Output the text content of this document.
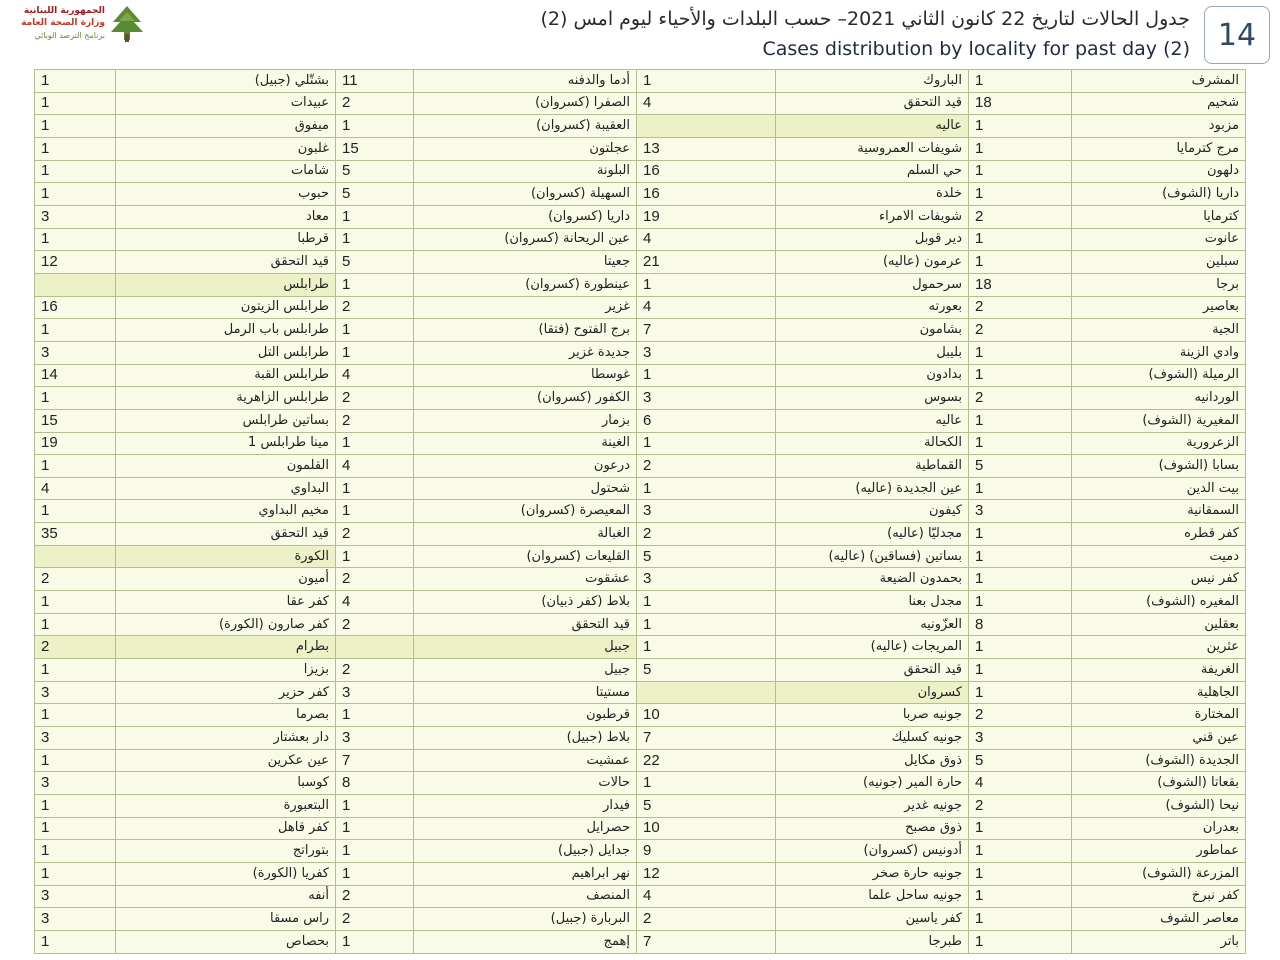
الجمهورية اللبنانية
وزارة الصحة العامة
برنامج الترصد الوبائي
جدول الحالات لتاريخ 22 كانون الثاني 2021– حسب البلدات والأحياء ليوم امس (2)
Cases distribution by locality for past day (2) 14
المشرف	1	الباروك	1	أدما والدفنه	11	بشتّلي (جبيل)	1
شحيم	18	قيد التحقق	4	الصفرا (كسروان)	2	عبيدات	1
مزبود	1	عاليه		العقيبة (كسروان)	1	ميفوق	1
مرج كترمايا	1	شويفات العمروسية	13	عجلتون	15	غلبون	1
دلهون	1	حي السلم	16	البلونة	5	شامات	1
داريا (الشوف)	1	خلدة	16	السهيلة (كسروان)	5	حبوب	1
كترمايا	2	شويفات الامراء	19	داريا (كسروان)	1	معاد	3
عانوت	1	دير قوبل	4	عين الريحانة (كسروان)	1	قرطبا	1
سبلين	1	عرمون (عاليه)	21	جعيتا	5	قيد التحقق	12
برجا	18	سرحمول	1	عينطورة (كسروان)	1	طرابلس	
بعاصير	2	بعورته	4	غزير	2	طرابلس الزيتون	16
الجية	2	بشامون	7	برج الفتوح (فتقا)	1	طرابلس باب الرمل	1
وادي الزينة	1	بليبل	3	جديدة غزير	1	طرابلس التل	3
الرميلة (الشوف)	1	بدادون	1	غوسطا	4	طرابلس القبة	14
الوردانيه	2	بسوس	3	الكفور (كسروان)	2	طرابلس الزاهرية	1
المغيرية (الشوف)	1	عاليه	6	بزمار	2	بساتين طرابلس	15
الزعرورية	1	الكحالة	1	الغينة	1	مينا طرابلس 1	19
بسابا (الشوف)	5	القماطية	2	درعون	4	القلمون	1
بيت الدين	1	عين الجديدة (عاليه)	1	شحتول	1	البداوي	4
السمقانية	3	كيفون	3	المعيصرة (كسروان)	1	مخيم البداوي	1
كفر قطره	1	مجدليّا (عاليه)	2	الغبالة	2	قيد التحقق	35
دميت	1	بساتين (فساقين) (عاليه)	5	القليعات (كسروان)	1	الكورة	
كفر نيس	1	بحمدون الضيعة	3	عشقوت	2	أميون	2
المغيره (الشوف)	1	مجدل بعنا	1	بلاط (كفر ذبيان)	4	كفر عقا	1
بعقلين	8	العزّونيه	1	قيد التحقق	2	كفر صارون (الكورة)	1
عثرين	1	المريجات (عاليه)	1	جبيل		بطرام	2
الغريفة	1	قيد التحقق	5	جبيل	2	بزيزا	1
الجاهلية	1	كسروان		مستيتا	3	كفر حزير	3
المختارة	2	جونيه صربا	10	قرطبون	1	بصرما	1
عين قني	3	جونيه كسليك	7	بلاط (جبيل)	3	دار بعشتار	3
الجديدة (الشوف)	5	ذوق مكايل	22	عمشيت	7	عين عكرين	1
بقعاتا (الشوف)	4	حارة المير (جونيه)	1	حالات	8	كوسبا	3
نيحا (الشوف)	2	جونيه غدير	5	فيدار	1	البتعبورة	1
بعدران	1	ذوق مصبح	10	حصرايل	1	كفر قاهل	1
عماطور	1	أدونيس (كسروان)	9	جدايل (جبيل)	1	بتوراتج	1
المزرعة (الشوف)	1	جونيه حارة صخر	12	نهر ابراهيم	1	كفريا (الكورة)	1
كفر نبرخ	1	جونيه ساحل علما	4	المنصف	2	أنفه	3
معاصر الشوف	1	كفر ياسين	2	البربارة (جبيل)	2	راس مسقا	3
باتر	1	طبرجا	7	إهمج	1	بحصاص	1
